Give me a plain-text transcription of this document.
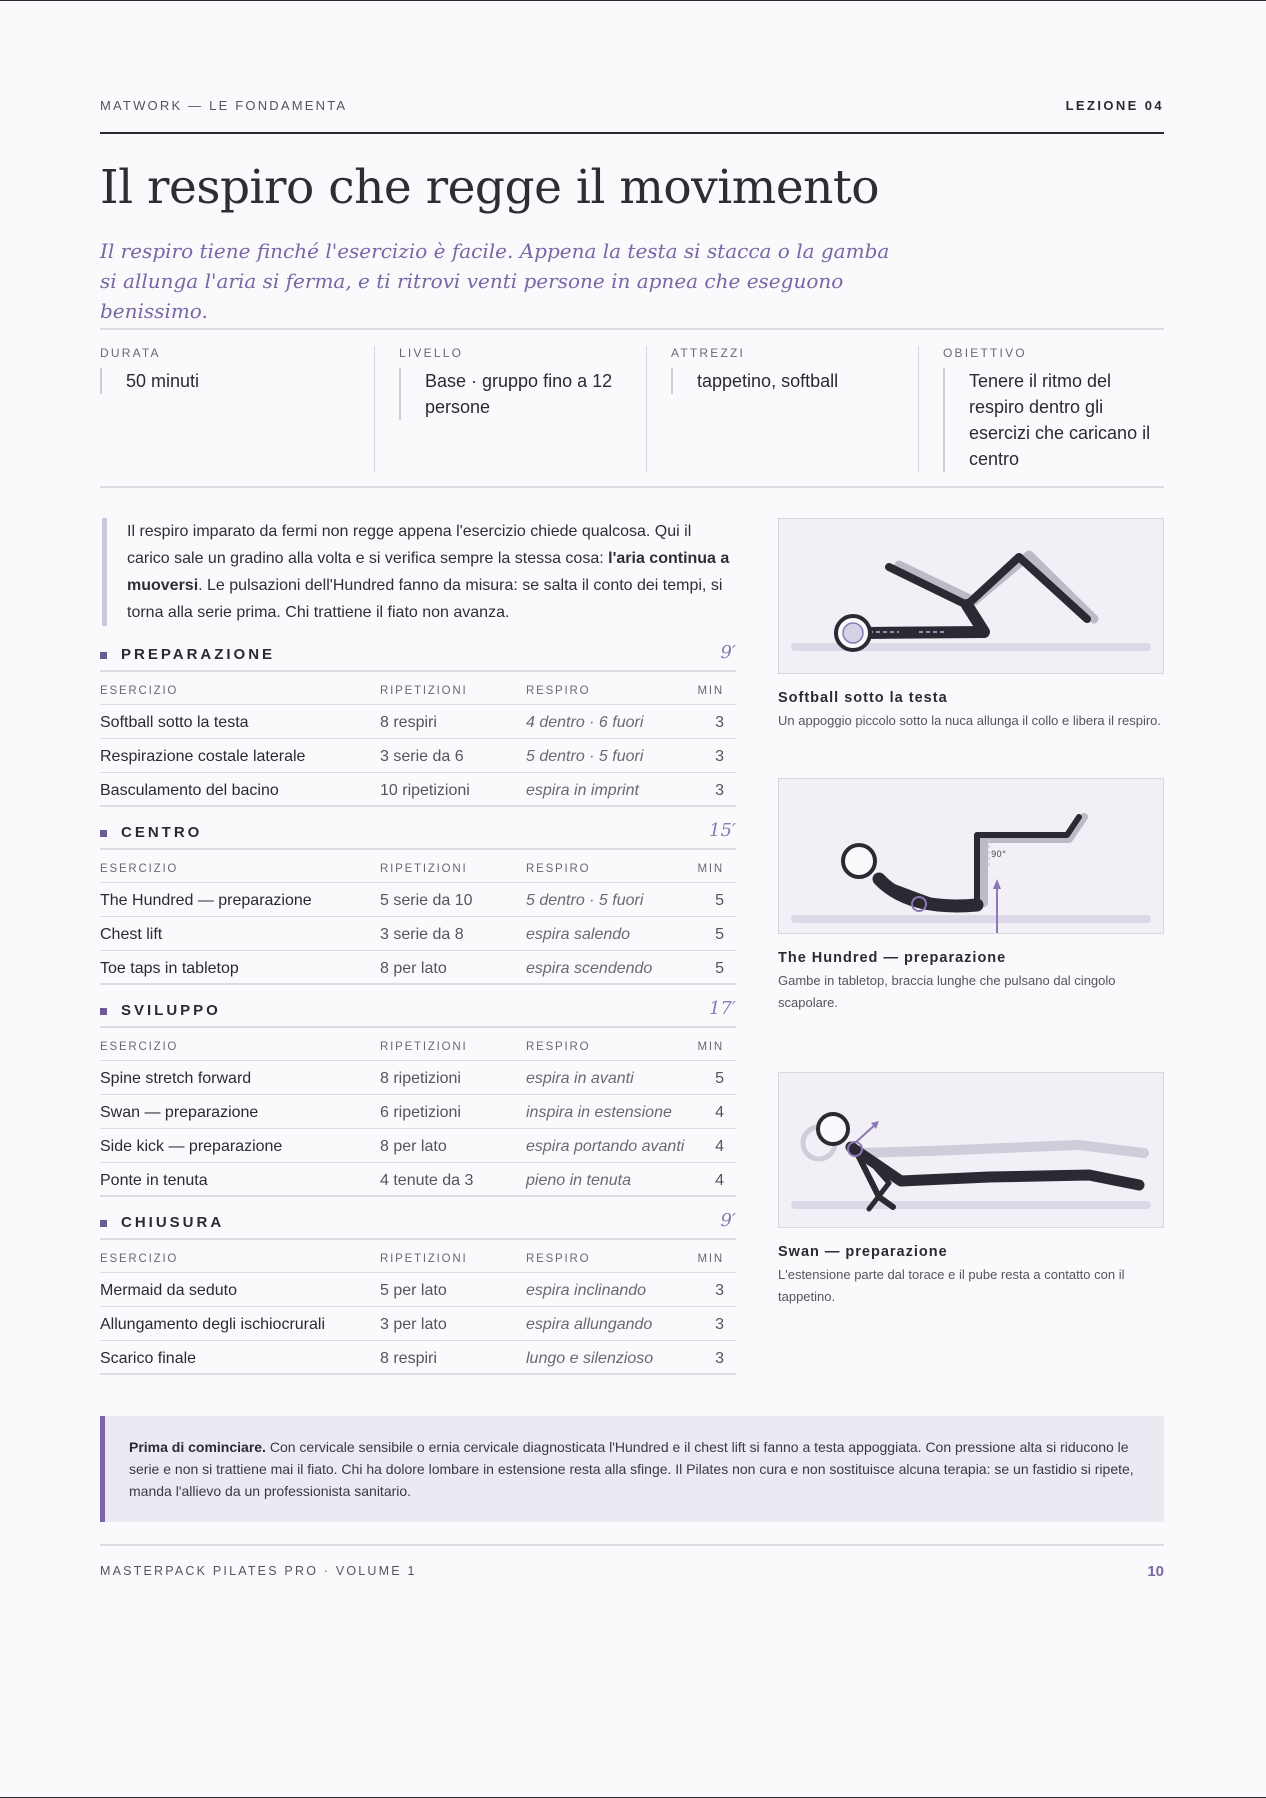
MATWORK — LE FONDAMENTA	LEZIONE 04
Il respiro che regge il movimento

Il respiro tiene finché l'esercizio è facile. Appena la testa si stacca o la gamba si allunga l'aria si ferma, e ti ritrovi venti persone in apnea che eseguono benissimo.

DURATA
50 minuti
LIVELLO
Base · gruppo fino a 12 persone
ATTREZZI
tappetino, softball
OBIETTIVO
Tenere il ritmo del respiro dentro gli esercizi che caricano il centro
Il respiro imparato da fermi non regge appena l'esercizio chiede qualcosa. Qui il carico sale un gradino alla volta e si verifica sempre la stessa cosa: l'aria continua a muoversi. Le pulsazioni dell'Hundred fanno da misura: se salta il conto dei tempi, si torna alla serie prima. Chi trattiene il fiato non avanza.
PREPARAZIONE	9′
ESERCIZIO	RIPETIZIONI	RESPIRO	MIN
Softball sotto la testa	8 respiri	4 dentro · 6 fuori	3
Respirazione costale laterale	3 serie da 6	5 dentro · 5 fuori	3
Basculamento del bacino	10 ripetizioni	espira in imprint	3
CENTRO	15′
ESERCIZIO	RIPETIZIONI	RESPIRO	MIN
The Hundred — preparazione	5 serie da 10	5 dentro · 5 fuori	5
Chest lift	3 serie da 8	espira salendo	5
Toe taps in tabletop	8 per lato	espira scendendo	5
SVILUPPO	17′
ESERCIZIO	RIPETIZIONI	RESPIRO	MIN
Spine stretch forward	8 ripetizioni	espira in avanti	5
Swan — preparazione	6 ripetizioni	inspira in estensione	4
Side kick — preparazione	8 per lato	espira portando avanti 4
Ponte in tenuta	4 tenute da 3	pieno in tenuta	4
CHIUSURA	9′
ESERCIZIO	RIPETIZIONI	RESPIRO	MIN
Mermaid da seduto	5 per lato	espira inclinando	3
Allungamento degli ischiocrurali	3 per lato	espira allungando	3
Scarico finale	8 respiri	lungo e silenzioso	3
Softball sotto la testa
Un appoggio piccolo sotto la nuca allunga il collo e libera il respiro.
90°
The Hundred — preparazione
Gambe in tabletop, braccia lunghe che pulsano dal cingolo scapolare.
Swan — preparazione
L'estensione parte dal torace e il pube resta a contatto con il tappetino.
Prima di cominciare. Con cervicale sensibile o ernia cervicale diagnosticata l'Hundred e il chest lift si fanno a testa appoggiata. Con pressione alta si riducono le serie e non si trattiene mai il fiato. Chi ha dolore lombare in estensione resta alla sfinge. Il Pilates non cura e non sostituisce alcuna terapia: se un fastidio si ripete, manda l'allievo da un professionista sanitario.
MASTERPACK PILATES PRO · VOLUME 1	10
